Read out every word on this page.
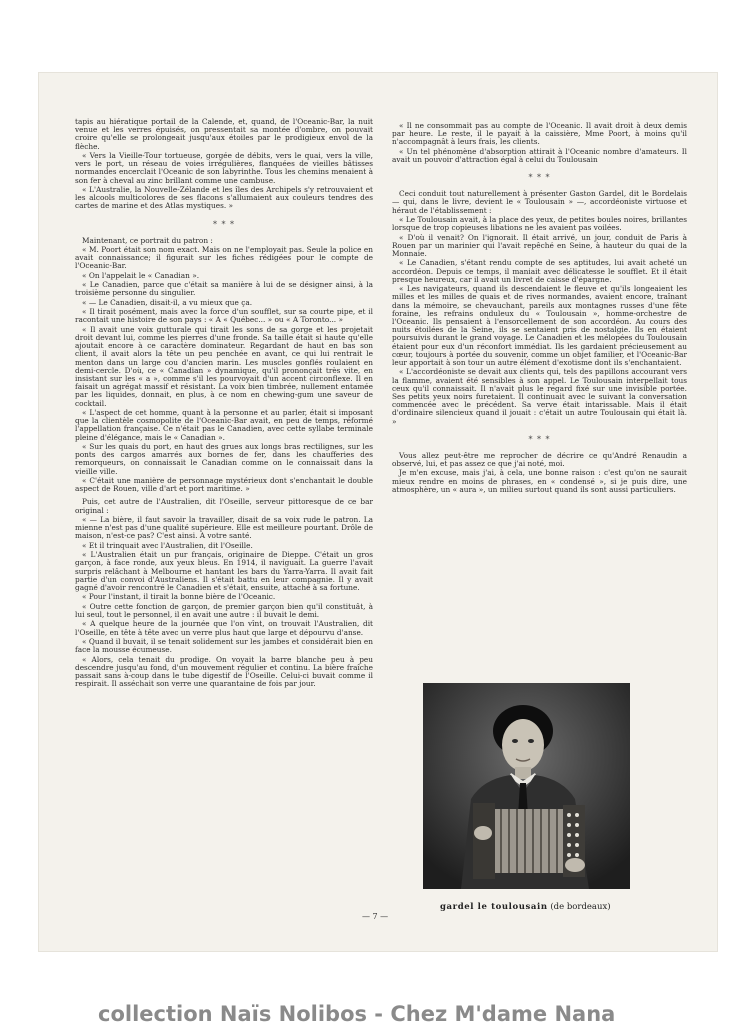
tapis au hiératique portail de la Calende, et, quand, de l'Oceanic-Bar, la nuit venue et les verres épuisés, on pressentait sa montée d'ombre, on pouvait croire qu'elle se prolongeait jusqu'aux étoiles par le prodigieux envol de la flèche.

« Vers la Vieille-Tour tortueuse, gorgée de débits, vers le quai, vers la ville, vers le port, un réseau de voies irrégulières, flanquées de vieilles bâtisses normandes encerclait l'Oceanic de son labyrinthe. Tous les chemins menaient à son fer à cheval au zinc brillant comme une cambuse.

« L'Australie, la Nouvelle-Zélande et les îles des Archipels s'y retrouvaient et les alcools multicolores de ses flacons s'allumaient aux couleurs tendres des cartes de marine et des Atlas mystiques. »

* * *

Maintenant, ce portrait du patron :

« M. Poort était son nom exact. Mais on ne l'employait pas. Seule la police en avait connaissance; il figurait sur les fiches rédigées pour le compte de l'Oceanic-Bar.

« On l'appelait le « Canadian ».

« Le Canadien, parce que c'était sa manière à lui de se désigner ainsi, à la troisième personne du singulier.

« — Le Canadien, disait-il, a vu mieux que ça.

« Il tirait posément, mais avec la force d'un soufflet, sur sa courte pipe, et il racontait une histoire de son pays : « A « Québec... » ou « A Toronto... »

« Il avait une voix gutturale qui tirait les sons de sa gorge et les projetait droit devant lui, comme les pierres d'une fronde. Sa taille était si haute qu'elle ajoutait encore à ce caractère dominateur. Regardant de haut en bas son client, il avait alors la tête un peu penchée en avant, ce qui lui rentrait le menton dans un large cou d'ancien marin. Les muscles gonflés roulaient en demi-cercle. D'où, ce « Canadian » dynamique, qu'il prononçait très vite, en insistant sur les « a », comme s'il les pourvoyait d'un accent circonflexe. Il en faisait un agrégat massif et résistant. La voix bien timbrée, nullement entamée par les liquides, donnait, en plus, à ce nom en chewing-gum une saveur de cocktail.

« L'aspect de cet homme, quant à la personne et au parler, était si imposant que la clientèle cosmopolite de l'Oceanic-Bar avait, en peu de temps, réformé l'appellation française. Ce n'était pas le Canadien, avec cette syllabe terminale pleine d'élégance, mais le « Canadian ».

« Sur les quais du port, en haut des grues aux longs bras rectilignes, sur les ponts des cargos amarrés aux bornes de fer, dans les chaufferies des remorqueurs, on connaissait le Canadian comme on le connaissait dans la vieille ville.

« C'était une manière de personnage mystérieux dont s'enchantait le double aspect de Rouen, ville d'art et port maritime. »

Puis, cet autre de l'Australien, dit l'Oseille, serveur pittoresque de ce bar original :

« — La bière, il faut savoir la travailler, disait de sa voix rude le patron. La mienne n'est pas d'une qualité supérieure. Elle est meilleure pourtant. Drôle de maison, n'est-ce pas? C'est ainsi. A votre santé.

« Et il trinquait avec l'Australien, dit l'Oseille.

« L'Australien était un pur français, originaire de Dieppe. C'était un gros garçon, à face ronde, aux yeux bleus. En 1914, il naviguait. La guerre l'avait surpris relâchant à Melbourne et hantant les bars du Yarra-Yarra. Il avait fait partie d'un convoi d'Australiens. Il s'était battu en leur compagnie. Il y avait gagné d'avoir rencontré le Canadien et s'était, ensuite, attaché à sa fortune.

« Pour l'instant, il tirait la bonne bière de l'Oceanic.

« Outre cette fonction de garçon, de premier garçon bien qu'il constituât, à lui seul, tout le personnel, il en avait une autre : il buvait le demi.

« A quelque heure de la journée que l'on vînt, on trouvait l'Australien, dit l'Oseille, en tête à tête avec un verre plus haut que large et dépourvu d'anse.

« Quand il buvait, il se tenait solidement sur les jambes et considérait bien en face la mousse écumeuse.

« Alors, cela tenait du prodige. On voyait la barre blanche peu à peu descendre jusqu'au fond, d'un mouvement régulier et continu. La bière fraîche passait sans à-coup dans le tube digestif de l'Oseille. Celui-ci buvait comme il respirait. Il asséchait son verre une quarantaine de fois par jour.

« Il ne consommait pas au compte de l'Oceanic. Il avait droit à deux demis par heure. Le reste, il le payait à la caissière, Mme Poort, à moins qu'il n'accompagnât à leurs frais, les clients.

« Un tel phénomène d'absorption attirait à l'Oceanic nombre d'amateurs. Il avait un pouvoir d'attraction égal à celui du Toulousain

* * *

Ceci conduit tout naturellement à présenter Gaston Gardel, dit le Bordelais — qui, dans le livre, devient le « Toulousain » —, accordéoniste virtuose et héraut de l'établissement :

« Le Toulousain avait, à la place des yeux, de petites boules noires, brillantes lorsque de trop copieuses libations ne les avaient pas voilées.

« D'où il venait? On l'ignorait. Il était arrivé, un jour, conduit de Paris à Rouen par un marinier qui l'avait repêché en Seine, à hauteur du quai de la Monnaie.

« Le Canadien, s'étant rendu compte de ses aptitudes, lui avait acheté un accordéon. Depuis ce temps, il maniait avec délicatesse le soufflet. Et il était presque heureux, car il avait un livret de caisse d'épargne.

« Les navigateurs, quand ils descendaient le fleuve et qu'ils longeaient les milles et les milles de quais et de rives normandes, avaient encore, traînant dans la mémoire, se chevauchant, pareils aux montagnes russes d'une fête foraine, les refrains onduleux du « Toulousain », homme-orchestre de l'Oceanic. Ils pensaient à l'ensorcellement de son accordéon. Au cours des nuits étoilées de la Seine, ils se sentaient pris de nostalgie. Ils en étaient poursuivis durant le grand voyage. Le Canadien et les mélopées du Toulousain étaient pour eux d'un réconfort immédiat. Ils les gardaient précieusement au cœur, toujours à portée du souvenir, comme un objet familier, et l'Oceanic-Bar leur apportait à son tour un autre élément d'exotisme dont ils s'enchantaient.

« L'accordéoniste se devait aux clients qui, tels des papillons accourant vers la flamme, avaient été sensibles à son appel. Le Toulousain interpellait tous ceux qu'il connaissait. Il n'avait plus le regard fixé sur une invisible portée. Ses petits yeux noirs furetaient. Il continuait avec le suivant la conversation commencée avec le précédent. Sa verve était intarissable. Mais il était d'ordinaire silencieux quand il jouait : c'était un autre Toulousain qui était là. »

* * *

Vous allez peut-être me reprocher de décrire ce qu'André Renaudin a observé, lui, et pas assez ce que j'ai noté, moi.

Je m'en excuse, mais j'ai, à cela, une bonne raison : c'est qu'on ne saurait mieux rendre en moins de phrases, en « condensé », si je puis dire, une atmosphère, un « aura », un milieu surtout quand ils sont aussi particuliers.

gardel le toulousain (de bordeaux)
— 7 —
collection Naïs Nolibos - Chez M'dame Nana
